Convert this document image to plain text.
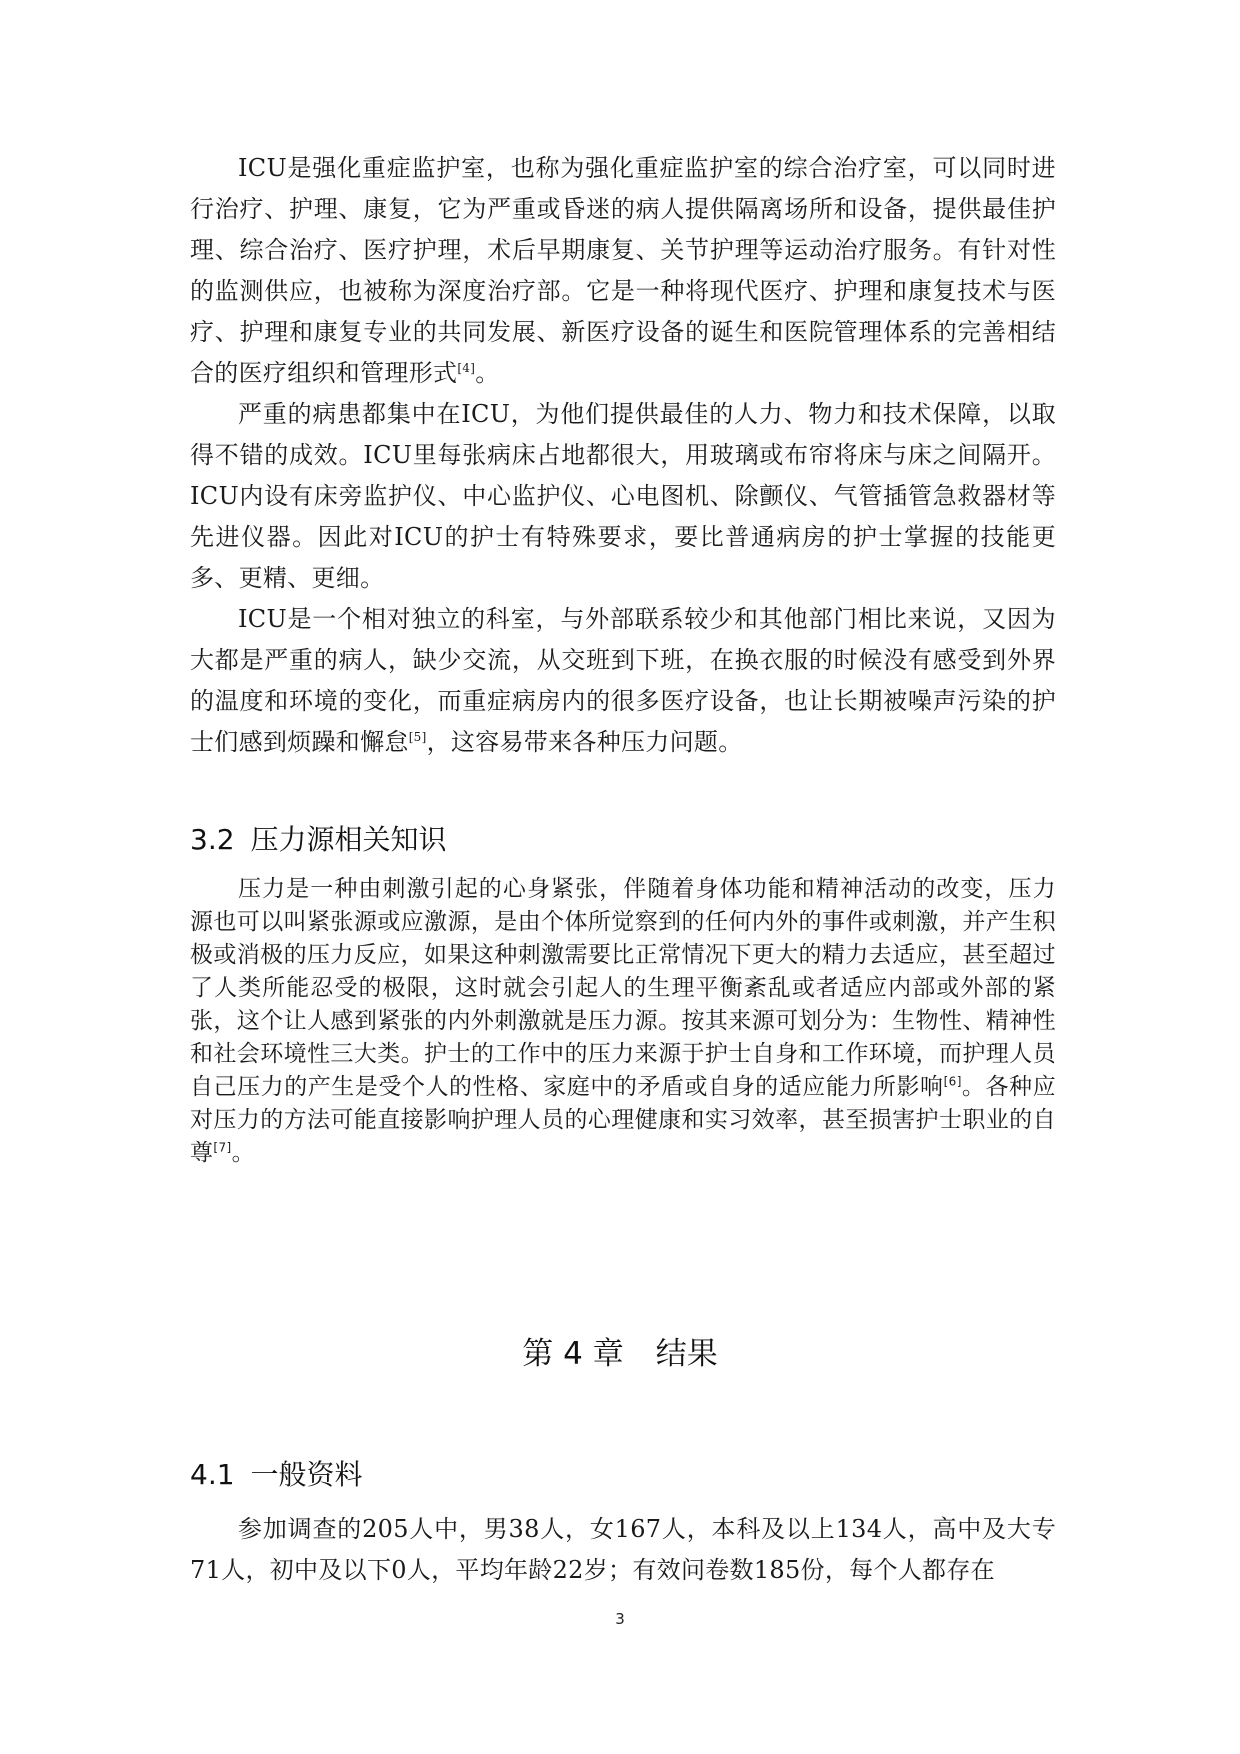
ICU是强化重症监护室，也称为强化重症监护室的综合治疗室，可以同时进行治疗、护理、康复，它为严重或昏迷的病人提供隔离场所和设备，提供最佳护理、综合治疗、医疗护理，术后早期康复、关节护理等运动治疗服务。有针对性的监测供应，也被称为深度治疗部。它是一种将现代医疗、护理和康复技术与医疗、护理和康复专业的共同发展、新医疗设备的诞生和医院管理体系的完善相结合的医疗组织和管理形式[4]。

严重的病患都集中在ICU，为他们提供最佳的人力、物力和技术保障，以取得不错的成效。ICU里每张病床占地都很大，用玻璃或布帘将床与床之间隔开。ICU内设有床旁监护仪、中心监护仪、心电图机、除颤仪、气管插管急救器材等先进仪器。因此对ICU的护士有特殊要求，要比普通病房的护士掌握的技能更多、更精、更细。

ICU是一个相对独立的科室，与外部联系较少和其他部门相比来说，又因为大都是严重的病人，缺少交流，从交班到下班，在换衣服的时候没有感受到外界的温度和环境的变化，而重症病房内的很多医疗设备，也让长期被噪声污染的护士们感到烦躁和懈怠[5]，这容易带来各种压力问题。

3.2 压力源相关知识

压力是一种由刺激引起的心身紧张，伴随着身体功能和精神活动的改变，压力源也可以叫紧张源或应激源，是由个体所觉察到的任何内外的事件或刺激，并产生积极或消极的压力反应，如果这种刺激需要比正常情况下更大的精力去适应，甚至超过了人类所能忍受的极限，这时就会引起人的生理平衡紊乱或者适应内部或外部的紧张，这个让人感到紧张的内外刺激就是压力源。按其来源可划分为：生物性、精神性和社会环境性三大类。护士的工作中的压力来源于护士自身和工作环境，而护理人员自己压力的产生是受个人的性格、家庭中的矛盾或自身的适应能力所影响[6]。各种应对压力的方法可能直接影响护理人员的心理健康和实习效率，甚至损害护士职业的自尊[7]。

第 4 章 结果
4.1 一般资料

参加调查的205人中，男38人，女167人，本科及以上134人，高中及大专71人，初中及以下0人，平均年龄22岁；有效问卷数185份，每个人都存在

3
